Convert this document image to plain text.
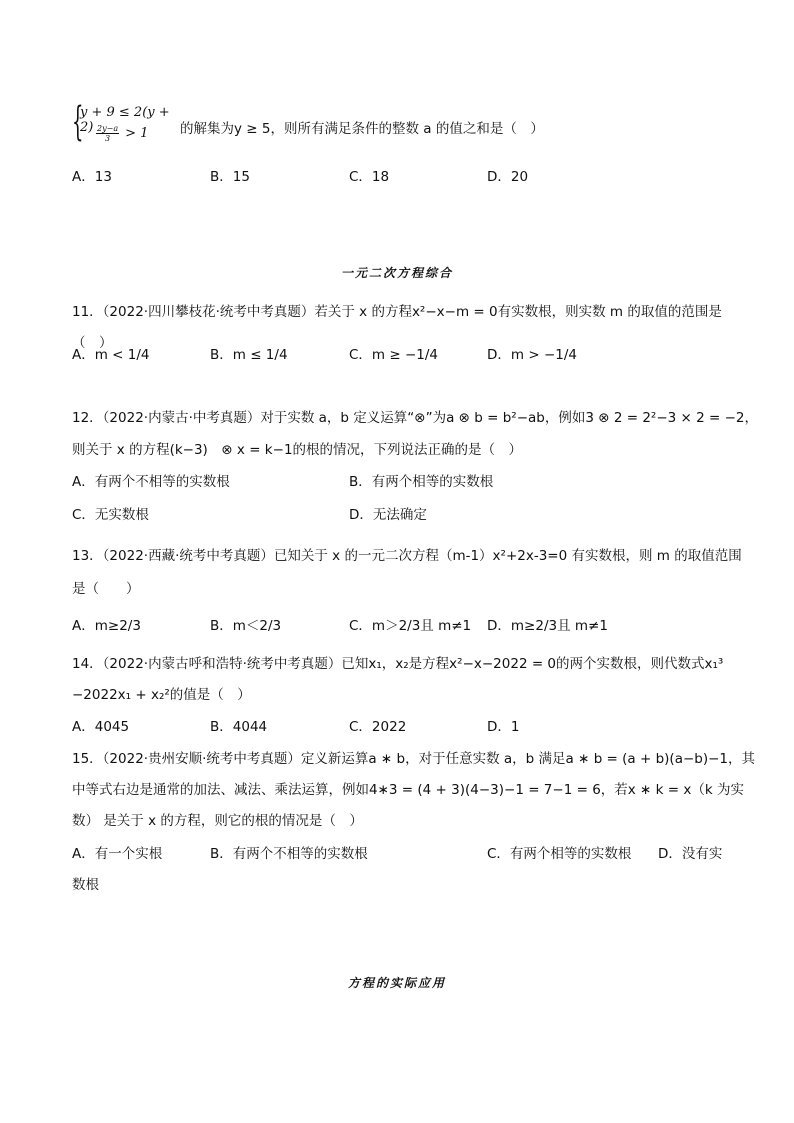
{
$y + 9 \le 2(y + 2) \frac{2y-a}{3} > 1$ 的解集为y ≥ 5，则所有满足条件的整数 a 的值之和是（　）
A．13	B．15	C．18	D．20
一元二次方程综合
11．（2022·四川攀枝花·统考中考真题）若关于 x 的方程x²−x−m = 0有实数根，则实数 m 的取值的范围是
（　）
A．m < 1/4	B．m ≤ 1/4	C．m ≥ −1/4	D．m > −1/4
12．（2022·内蒙古·中考真题）对于实数 a，b 定义运算“⊗”为a ⊗ b = b²−ab，例如3 ⊗ 2 = 2²−3 × 2 = −2，
则关于 x 的方程(k−3)　⊗ x = k−1的根的情况，下列说法正确的是（　）
A．有两个不相等的实数根	B．有两个相等的实数根
C．无实数根	D．无法确定
13．（2022·西藏·统考中考真题）已知关于 x 的一元二次方程（m-1）x²+2x-3=0 有实数根，则 m 的取值范围
是（　　）
A．m≥2/3	B．m＜2/3	C．m＞2/3且 m≠1 D．m≥2/3且 m≠1
14．（2022·内蒙古呼和浩特·统考中考真题）已知x₁，x₂是方程x²−x−2022 = 0的两个实数根，则代数式x₁³
−2022x₁ + x₂²的值是（　）
A．4045	B．4044	C．2022	D．1
15．（2022·贵州安顺·统考中考真题）定义新运算a ∗ b，对于任意实数 a，b 满足a ∗ b = (a + b)(a−b)−1，其
中等式右边是通常的加法、减法、乘法运算，例如4∗3 = (4 + 3)(4−3)−1 = 7−1 = 6，若x ∗ k = x（k 为实
数） 是关于 x 的方程，则它的根的情况是（　）
A．有一个实根	B．有两个不相等的实数根	C．有两个相等的实数根 D．没有实
数根
方程的实际应用
